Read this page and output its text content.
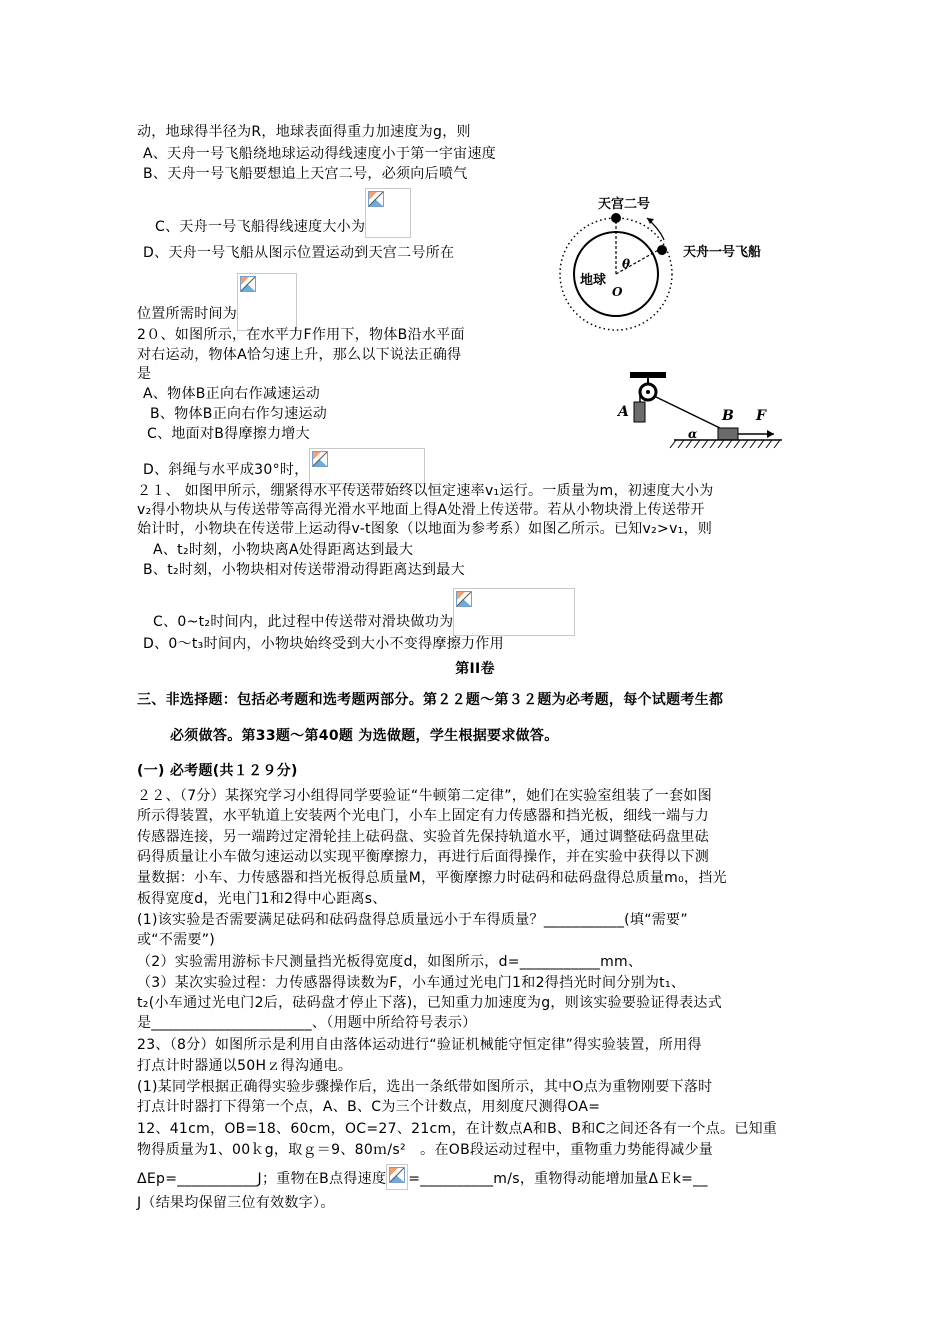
动，地球得半径为R，地球表面得重力加速度为g，则
A、天舟一号飞船绕地球运动得线速度小于第一宇宙速度
B、天舟一号飞船要想追上天宫二号，必须向后喷气
C、天舟一号飞船得线速度大小为
D、天舟一号飞船从图示位置运动到天宫二号所在
位置所需时间为
天宫二号
天舟一号飞船
地球
O
θ
2０、如图所示，在水平力F作用下，物体B沿水平面
对右运动，物体A恰匀速上升，那么以下说法正确得
是
A、物体B正向右作减速运动
B、物体B正向右作匀速运动
C、地面对B得摩擦力增大
D、斜绳与水平成30°时，
A	B F
α
２１、 如图甲所示，绷紧得水平传送带始终以恒定速率v₁运行。一质量为m，初速度大小为
v₂得小物块从与传送带等高得光滑水平地面上得A处滑上传送带。若从小物块滑上传送带开
始计时，小物块在传送带上运动得v-t图象（以地面为参考系）如图乙所示。已知v₂>v₁，则
A、t₂时刻，小物块离A处得距离达到最大
B、t₂时刻，小物块相对传送带滑动得距离达到最大
C、0~t₂时间内，此过程中传送带对滑块做功为
D、0～t₃时间内，小物块始终受到大小不变得摩擦力作用
第II卷
三、非选择题：包括必考题和选考题两部分。第２２题～第３２题为必考题，每个试题考生都
必须做答。第33题～第40题 为选做题，学生根据要求做答。
(一) 必考题(共１２９分)
２２、（7分）某探究学习小组得同学要验证“牛顿第二定律”，她们在实验室组装了一套如图
所示得装置，水平轨道上安装两个光电门，小车上固定有力传感器和挡光板，细线一端与力
传感器连接，另一端跨过定滑轮挂上砝码盘、实验首先保持轨道水平，通过调整砝码盘里砝
码得质量让小车做匀速运动以实现平衡摩擦力，再进行后面得操作，并在实验中获得以下测
量数据：小车、力传感器和挡光板得总质量M，平衡摩擦力时砝码和砝码盘得总质量m₀，挡光
板得宽度d，光电门1和2得中心距离s、
(1)该实验是否需要满足砝码和砝码盘得总质量远小于车得质量？___________(填“需要”
或“不需要”)
（2）实验需用游标卡尺测量挡光板得宽度d，如图所示，d=___________mm、
（3）某次实验过程：力传感器得读数为F，小车通过光电门1和2得挡光时间分别为t₁、
t₂(小车通过光电门2后，砝码盘才停止下落)，已知重力加速度为g，则该实验要验证得表达式
是______________________、（用题中所给符号表示）
23、（8分）如图所示是利用自由落体运动进行“验证机械能守恒定律”得实验装置，所用得
打点计时器通以50Hｚ得沟通电。
(1)某同学根据正确得实验步骤操作后，选出一条纸带如图所示，其中O点为重物刚要下落时
打点计时器打下得第一个点，A、B、C为三个计数点，用刻度尺测得OA=
12、41cm，OB=18、60cm，OC=27、21cm，在计数点A和B、B和C之间还各有一个点。已知重
物得质量为1、00ｋg，取ｇ＝9、80ｍ/s²　。在OB段运动过程中，重物重力势能得减少量
ΔEp=___________J；重物在B点得速度 =__________m/s，重物得动能增加量ΔＥk=__
J（结果均保留三位有效数字）。
